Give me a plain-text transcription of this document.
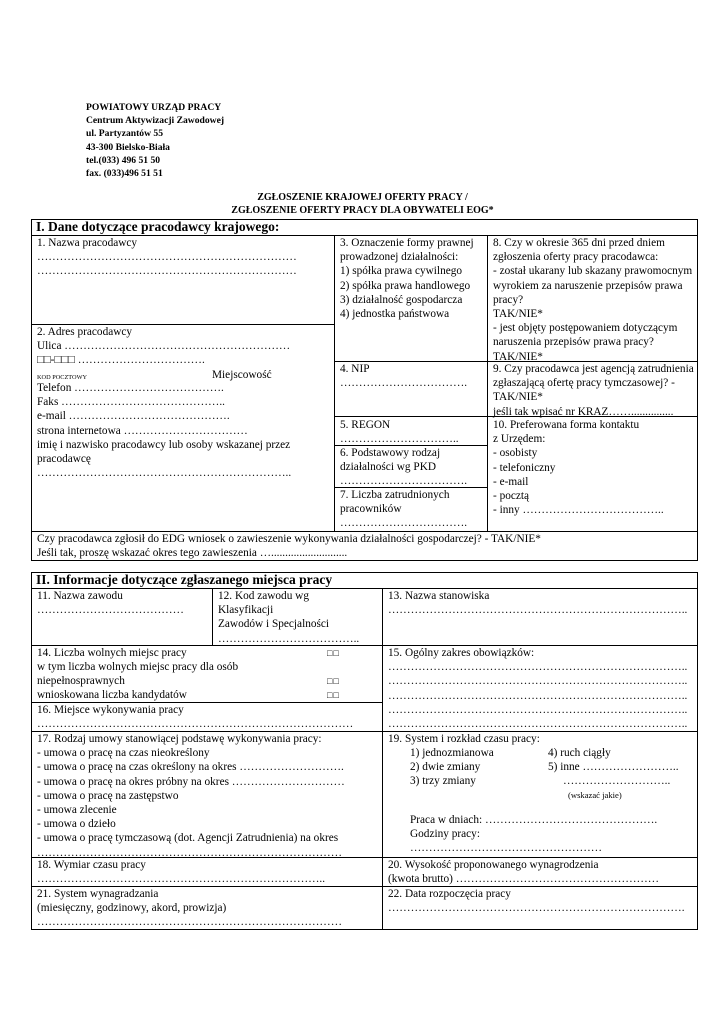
POWIATOWY URZĄD PRACY
Centrum Aktywizacji Zawodowej
ul. Partyzantów 55
43-300 Bielsko-Biała
tel.(033) 496 51 50
fax. (033)496 51 51
ZGŁOSZENIE KRAJOWEJ OFERTY PRACY /
ZGŁOSZENIE OFERTY PRACY DLA OBYWATELI EOG*
I. Dane dotyczące pracodawcy krajowego:
1. Nazwa pracodawcy
……………………………………………………………
……………………………………………………………
2. Adres pracodawcy
Ulica ……………………………………………………
□□-□□□ …………………………….
KOD POCZTOWY	Miejscowość
Telefon ………………………………….
Faks ……………………………………..
e-mail …………………………………….
strona internetowa ……………………………
imię i nazwisko pracodawcy lub osoby wskazanej przez pracodawcę
…………………………………………………………..
3. Oznaczenie formy prawnej prowadzonej działalności:
1) spółka prawa cywilnego
2) spółka prawa handlowego
3) działalność gospodarcza
4) jednostka państwowa
4. NIP
…………………………….
5. REGON
…………………………..
6. Podstawowy rodzaj działalności wg PKD
…………………………….
7. Liczba zatrudnionych pracowników
…………………………….
8. Czy w okresie 365 dni przed dniem zgłoszenia oferty pracy pracodawca:
- został ukarany lub skazany prawomocnym wyrokiem za naruszenie przepisów prawa pracy?
TAK/NIE*
- jest objęty postępowaniem dotyczącym naruszenia przepisów prawa pracy?
TAK/NIE*
9. Czy pracodawca jest agencją zatrudnienia zgłaszającą ofertę pracy tymczasowej? - TAK/NIE*
jeśli tak wpisać nr KRAZ……...............
10. Preferowana forma kontaktu
z Urzędem:
- osobisty
- telefoniczny
- e-mail
- pocztą
- inny ………………………………..
Czy pracodawca zgłosił do EDG wniosek o zawieszenie wykonywania działalności gospodarczej? - TAK/NIE*
Jeśli tak, proszę wskazać okres tego zawieszenia …...........................
II. Informacje dotyczące zgłaszanego miejsca pracy
11. Nazwa zawodu
…………………………………
12. Kod zawodu wg
Klasyfikacji
Zawodów i Specjalności
………………………………..
13. Nazwa stanowiska
……………………………………………………………………..
14. Liczba wolnych miejsc pracy
w tym liczba wolnych miejsc pracy dla osób niepełnosprawnych
wnioskowana liczba kandydatów
□□
□□
□□
15. Ogólny zakres obowiązków:
……………………………………………………………………..
……………………………………………………………………..
……………………………………………………………………..
……………………………………………………………………..
……………………………………………………………………..
16. Miejsce wykonywania pracy
…………………………………………………………………………
17. Rodzaj umowy stanowiącej podstawę wykonywania pracy:
- umowa o pracę na czas nieokreślony
- umowa o pracę na czas określony na okres ……………………….
- umowa o pracę na okres próbny na okres …………………………
- umowa o pracę na zastępstwo
- umowa zlecenie
- umowa o dzieło
- umowa o pracę tymczasową (dot. Agencji Zatrudnienia) na okres
………………………………………………………………………
19. System i rozkład czasu pracy:
1) jednozmianowa
2) dwie zmiany
3) trzy zmiany
4) ruch ciągły
5) inne ……………………..
………………………..
(wskazać jakie)
Praca w dniach: ……………………………………….
Godziny pracy:
……………………………………………
18. Wymiar czasu pracy
…………………………………………………………………..
20. Wysokość proponowanego wynagrodzenia
(kwota brutto) ………………………………………………
21. System wynagradzania
(miesięczny, godzinowy, akord, prowizja)
………………………………………………………………………
22. Data rozpoczęcia pracy
…………………………………………………………………….
